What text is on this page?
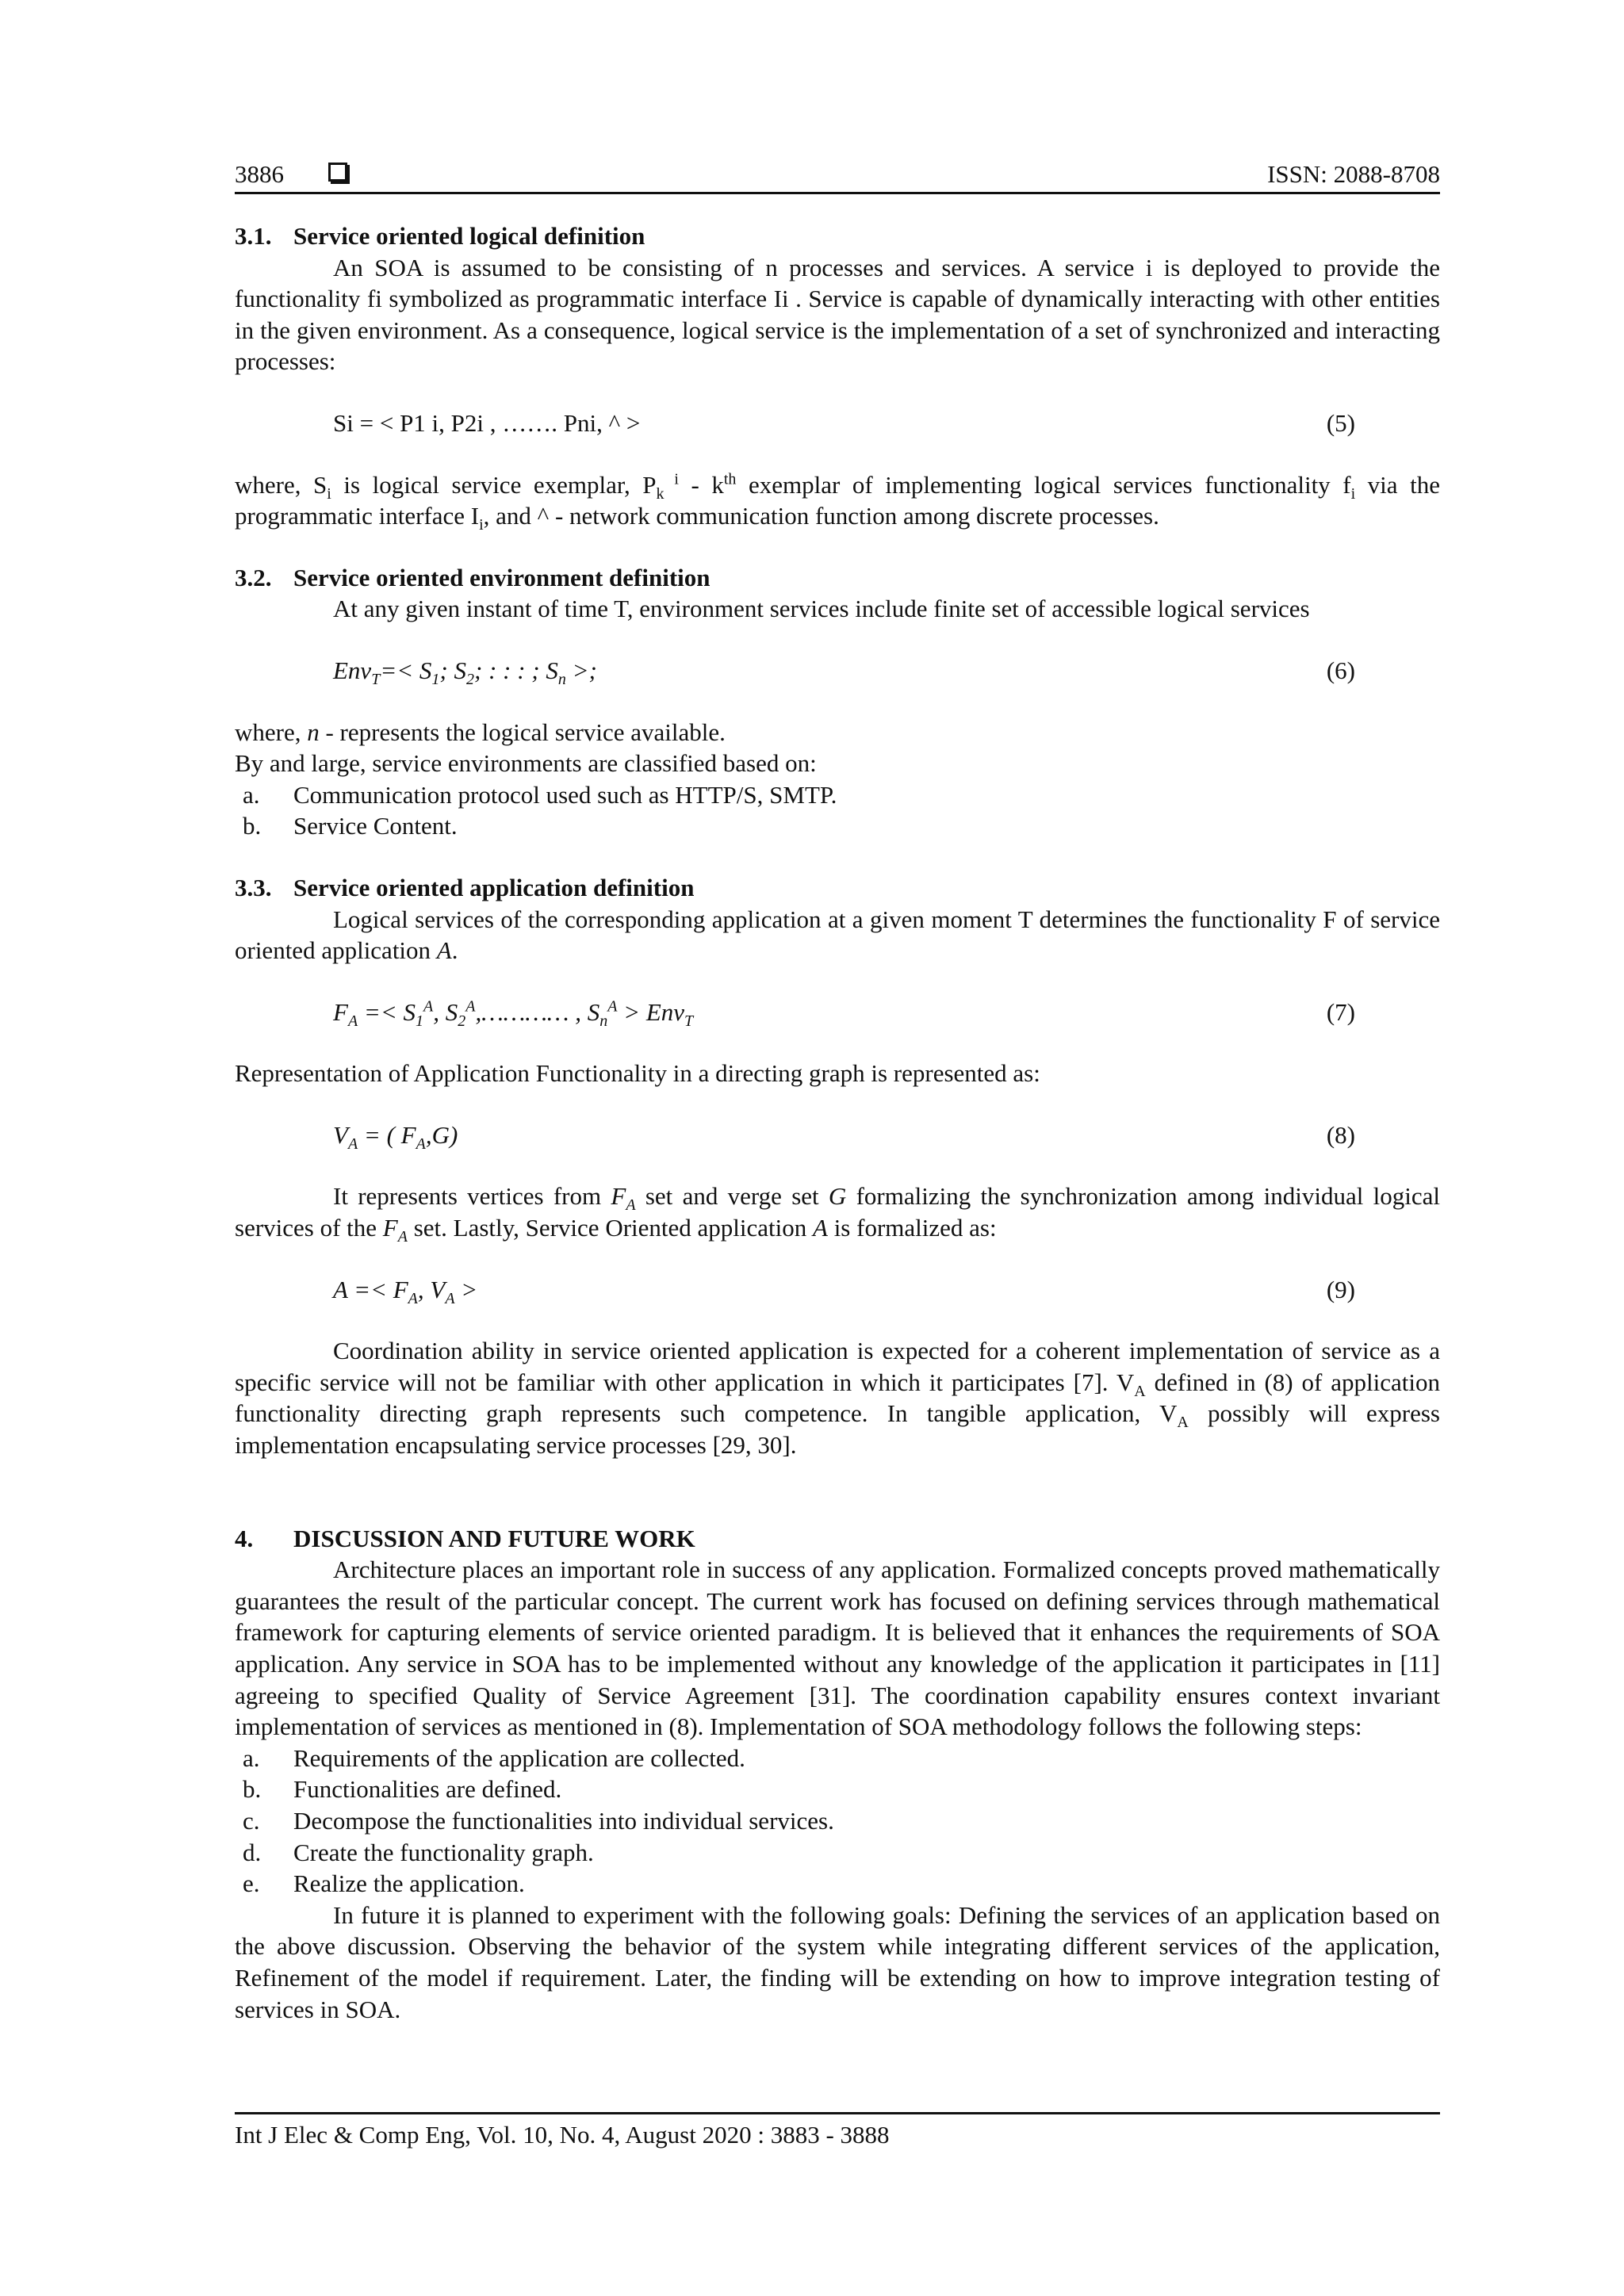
3886	ISSN: 2088-8708
3.1. Service oriented logical definition

An SOA is assumed to be consisting of n processes and services. A service i is deployed to provide the functionality fi symbolized as programmatic interface Ii . Service is capable of dynamically interacting with other entities in the given environment. As a consequence, logical service is the implementation of a set of synchronized and interacting processes:

Si = < P1 i, P2i , ……. Pni, ^ >	(5)

where, $S_i$ is logical service exemplar, $P_k$ $^i - k^{th}$ exemplar of implementing logical services functionality $f_i$ via the programmatic interface $I_i$, and ^ - network communication function among discrete processes.

3.2. Service oriented environment definition

At any given instant of time T, environment services include finite set of accessible logical services

$Env_T=< S_1$; $S_2$; : : : ; $S_n$ >;	(6)

where, n - represents the logical service available.

By and large, service environments are classified based on:

a.	Communication protocol used such as HTTP/S, SMTP.
b.	Service Content.
3.3. Service oriented application definition

Logical services of the corresponding application at a given moment T determines the functionality F of service oriented application A.

$F_A =< S_1^A$, $S_2^A,\dots\dots\dots\dots$ , $S_n^A > Env_T$	(7)

Representation of Application Functionality in a directing graph is represented as:

$V_A$ = ( $F_A,G$)	(8)

It represents vertices from $F_A$ set and verge set G formalizing the synchronization among individual logical services of the $F_A$ set. Lastly, Service Oriented application A is formalized as:

$A =< F_A$, $V_A$ >	(9)

Coordination ability in service oriented application is expected for a coherent implementation of service as a specific service will not be familiar with other application in which it participates [7]. $V_A$ defined in (8) of application functionality directing graph represents such competence. In tangible application, $V_A$ possibly will express implementation encapsulating service processes [29, 30].

4. DISCUSSION AND FUTURE WORK

Architecture places an important role in success of any application. Formalized concepts proved mathematically guarantees the result of the particular concept. The current work has focused on defining services through mathematical framework for capturing elements of service oriented paradigm. It is believed that it enhances the requirements of SOA application. Any service in SOA has to be implemented without any knowledge of the application it participates in [11] agreeing to specified Quality of Service Agreement [31]. The coordination capability ensures context invariant implementation of services as mentioned in (8). Implementation of SOA methodology follows the following steps:

a.	Requirements of the application are collected.
b.	Functionalities are defined.
c.	Decompose the functionalities into individual services.
d.	Create the functionality graph.
e.	Realize the application.

In future it is planned to experiment with the following goals: Defining the services of an application based on the above discussion. Observing the behavior of the system while integrating different services of the application, Refinement of the model if requirement. Later, the finding will be extending on how to improve integration testing of services in SOA.

Int J Elec & Comp Eng, Vol. 10, No. 4, August 2020 : 3883 - 3888
